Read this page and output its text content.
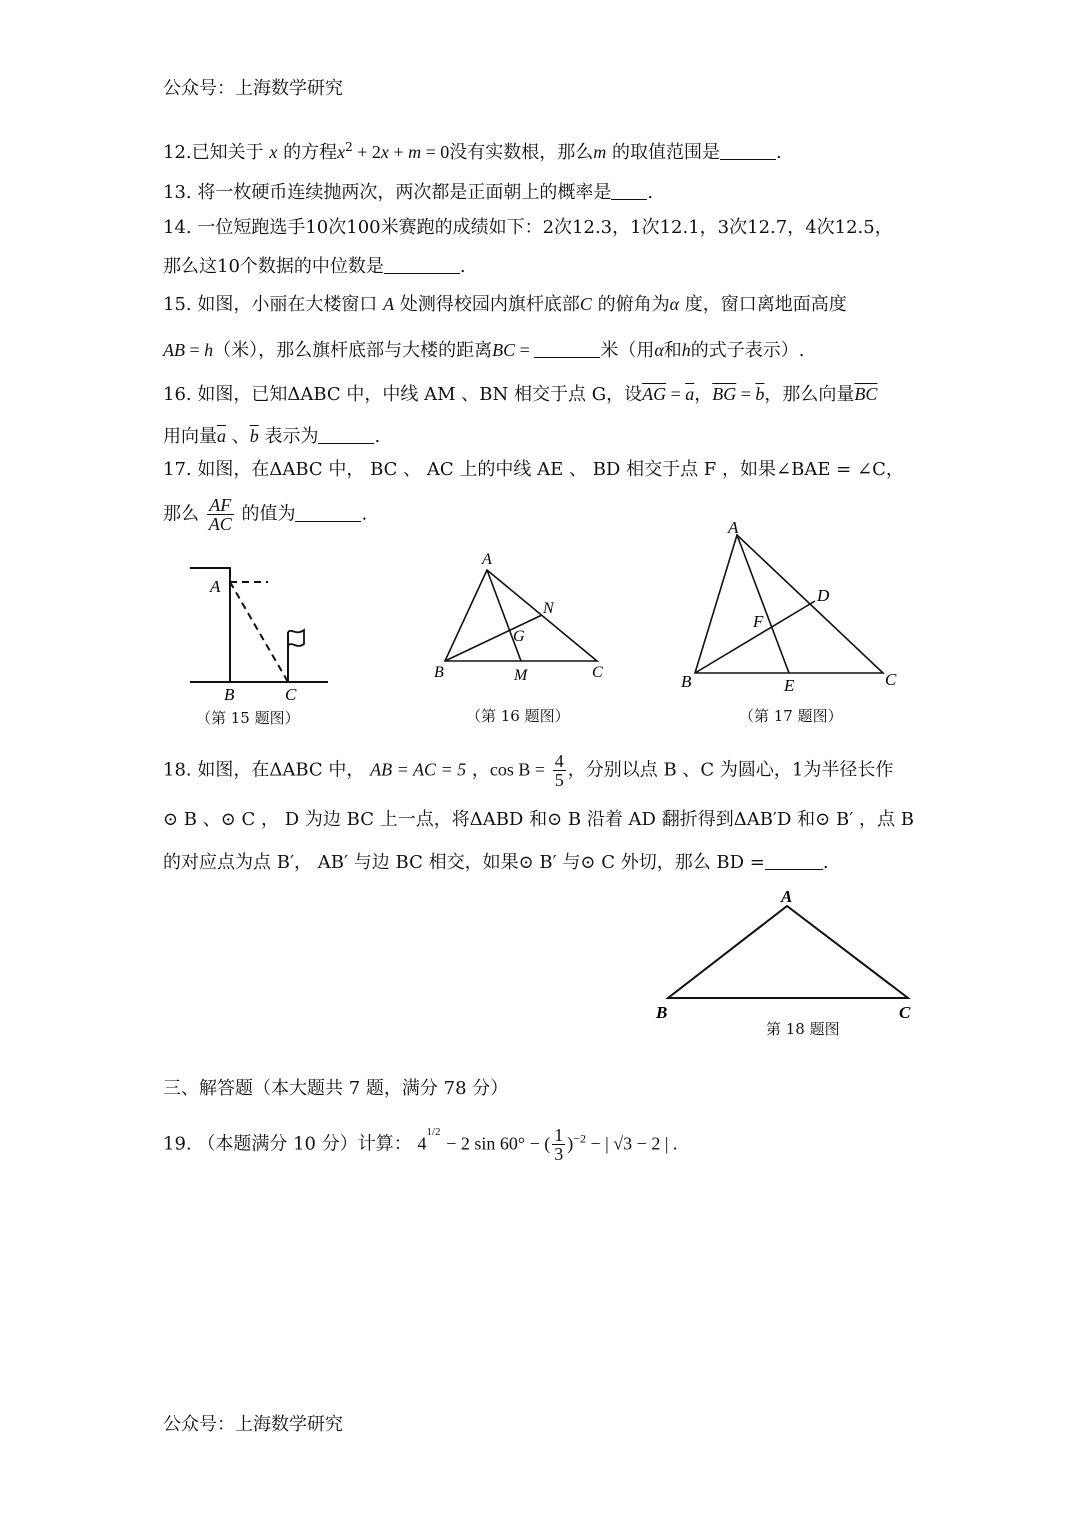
公众号：上海数学研究
12.已知关于 x 的方程$x^2 + 2x + m = 0$没有实数根，那么m 的取值范围是	.
13. 将一枚硬币连续抛两次，两次都是正面朝上的概率是 .
14. 一位短跑选手10次100米赛跑的成绩如下：2次12.3，1次12.1，3次12.7，4次12.5，
那么这10个数据的中位数是	.
15. 如图，小丽在大楼窗口 A 处测得校园内旗杆底部C 的俯角为α 度，窗口离地面高度
AB = h（米），那么旗杆底部与大楼的距离BC =	米（用α和h的式子表示）.
16. 如图，已知ΔABC 中，中线 AM 、BN 相交于点 G，设$\overline{AG} = \overline{a}$，$\overline{BG} = \overline{b}$，那么向量$\overline{BC}$
用向量$\overline{a}$ 、$\overline{b}$ 表示为	.
17. 如图，在ΔABC 中， BC 、 AC 上的中线 AE 、 BD 相交于点 F ，如果∠BAE = ∠C，
那么 $\frac{AF}{AC}$ 的值为	.
A
B	C
（第 15 题图）
A
N
G
B	M	C
（第 16 题图）
A
D
F
B	E	C
（第 17 题图）
18. 如图，在ΔABC 中， AB = AC = 5 ，$\cos B = \frac{4}{5}$ ，分别以点 B 、C 为圆心，1为半径长作
⊙ B 、⊙ C ， D 为边 BC 上一点，将ΔABD 和⊙ B 沿着 AD 翻折得到ΔAB′D 和⊙ B′ ，点 B
的对应点为点 B′， AB′ 与边 BC 相交，如果⊙ B′ 与⊙ C 外切，那么 BD =	.
A
B	C
第 18 题图
三、解答题（本大题共 7 题，满分 78 分）
19. （本题满分 10 分）计算： $4^{1/2} - 2$ sin 60° − ( $\frac{1}{3} )^{-2}$ − | √3 − 2 | .
公众号：上海数学研究
